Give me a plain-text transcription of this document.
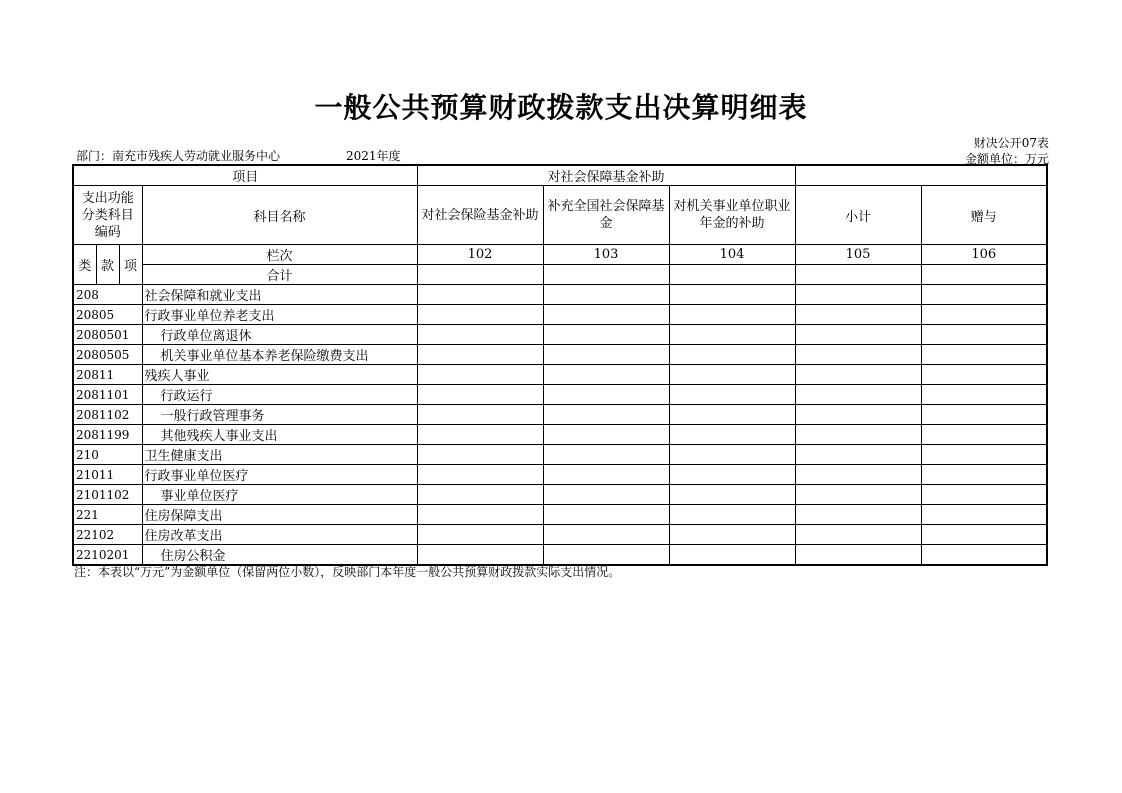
一般公共预算财政拨款支出决算明细表
财决公开07表
金额单位：万元
部门：南充市残疾人劳动就业服务中心	2021年度
项目				对社会保障基金补助				
支出功能分类科目编码			科目名称	对社会保险基金补助	补充全国社会保障基金	对机关事业单位职业年金的补助	小计	赠与
类	款	项	栏次	102	103	104	105	106
			合计					
208			社会保障和就业支出					
20805			行政事业单位养老支出					
2080501			行政单位离退休					
2080505			机关事业单位基本养老保险缴费支出					
20811			残疾人事业					
2081101			行政运行					
2081102			一般行政管理事务					
2081199			其他残疾人事业支出					
210			卫生健康支出					
21011			行政事业单位医疗					
2101102			事业单位医疗					
221			住房保障支出					
22102			住房改革支出					
2210201			住房公积金					
注：本表以“万元”为金额单位（保留两位小数），反映部门本年度一般公共预算财政拨款实际支出情况。
